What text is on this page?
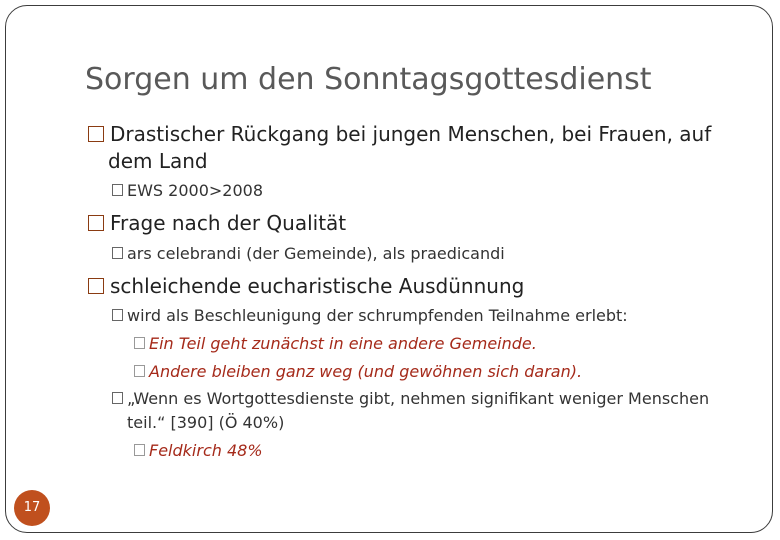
Sorgen um den Sonntagsgottesdienst
Drastischer Rückgang bei jungen Menschen, bei Frauen, auf
dem Land
EWS 2000>2008
Frage nach der Qualität
ars celebrandi (der Gemeinde), als praedicandi
schleichende eucharistische Ausdünnung
wird als Beschleunigung der schrumpfenden Teilnahme erlebt:
Ein Teil geht zunächst in eine andere Gemeinde.
Andere bleiben ganz weg (und gewöhnen sich daran).
„Wenn es Wortgottesdienste gibt, nehmen signifikant weniger Menschen
teil.“ [390] (Ö 40%)
Feldkirch 48%
17
